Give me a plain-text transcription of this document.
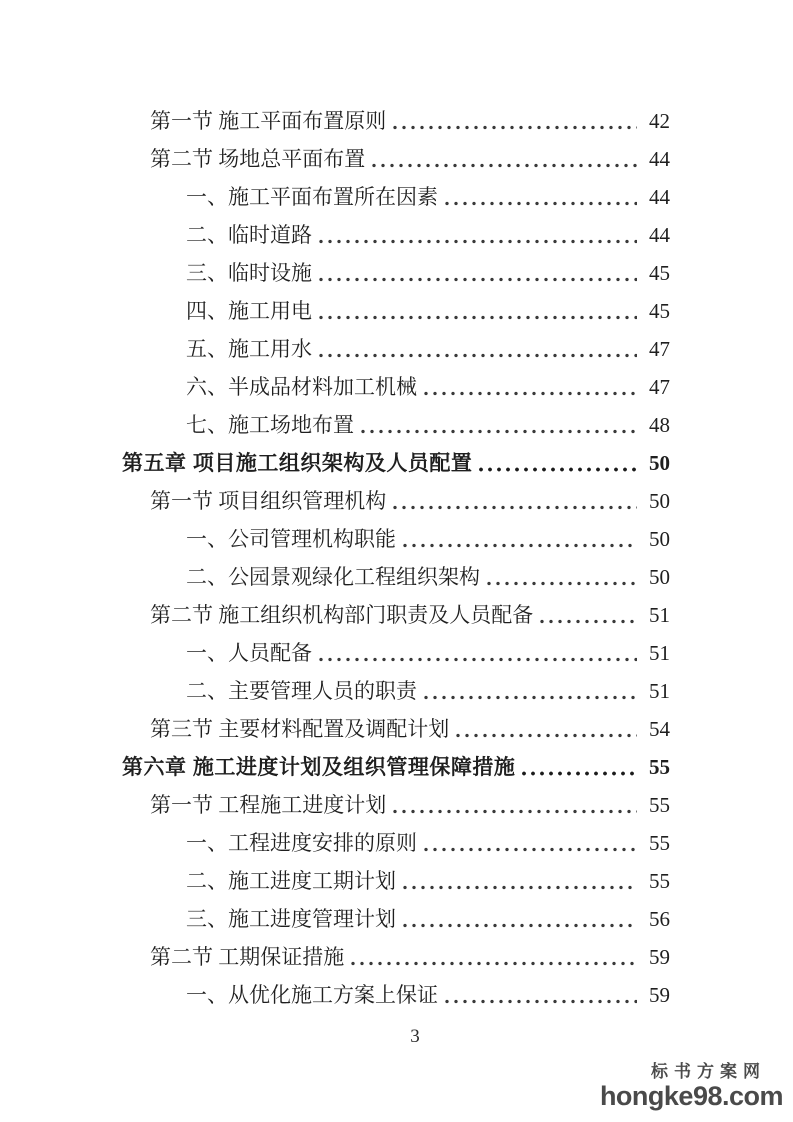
第一节 施工平面布置原则	42
第二节 场地总平面布置	44
一、施工平面布置所在因素	44
二、临时道路	44
三、临时设施	45
四、施工用电	45
五、施工用水	47
六、半成品材料加工机械	47
七、施工场地布置	48
第五章 项目施工组织架构及人员配置	50
第一节 项目组织管理机构	50
一、公司管理机构职能	50
二、公园景观绿化工程组织架构	50
第二节 施工组织机构部门职责及人员配备	51
一、人员配备	51
二、主要管理人员的职责	51
第三节 主要材料配置及调配计划	54
第六章 施工进度计划及组织管理保障措施	55
第一节 工程施工进度计划	55
一、工程进度安排的原则	55
二、施工进度工期计划	55
三、施工进度管理计划	56
第二节 工期保证措施	59
一、从优化施工方案上保证	59
3
标书方案网
hongke98.com
